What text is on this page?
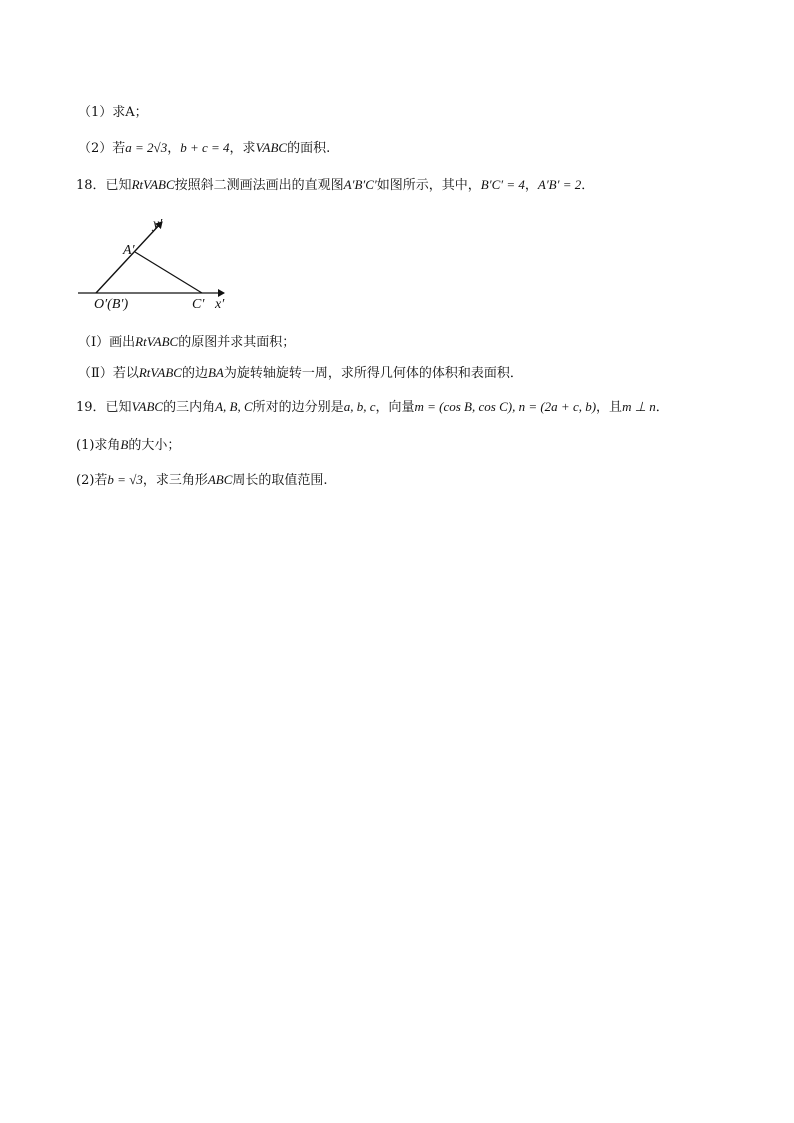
（1）求A；
（2）若a = 2√3，b + c = 4，求VABC的面积.
18．已知RtVABC按照斜二测画法画出的直观图A′B′C′如图所示，其中，B′C′ = 4，A′B′ = 2．
y′
A′
O′(B′)	C′ x′
（Ⅰ）画出RtVABC的原图并求其面积；
（Ⅱ）若以RtVABC的边BA为旋转轴旋转一周，求所得几何体的体积和表面积．
19．已知VABC的三内角A, B, C所对的边分别是a, b, c，向量m = (cos B, cos C), n = (2a + c, b)，且m ⊥ n．
(1)求角B的大小；
(2)若b = √3，求三角形ABC周长的取值范围.
